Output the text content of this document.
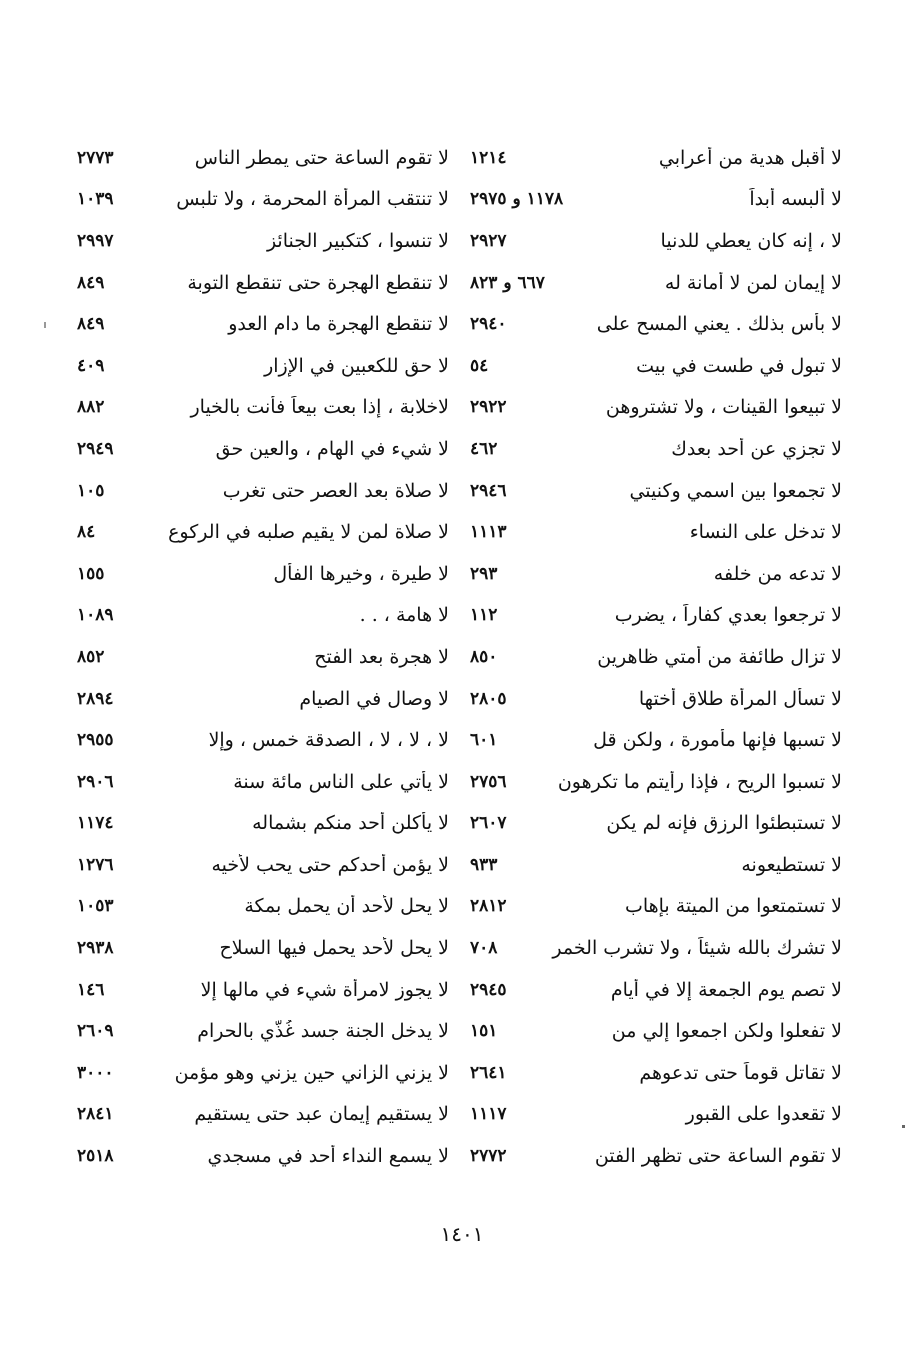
لا أقبل هدية من أعرابي
١٢١٤
لا ألبسه أبداً
١١٧٨ و ٢٩٧٥
لا ، إنه كان يعطي للدنيا
٢٩٢٧
لا إيمان لمن لا أمانة له
٦٦٧ و ٨٢٣
لا بأس بذلك . يعني المسح على
٢٩٤٠
لا تبول في طست في بيت
٥٤
لا تبيعوا القينات ، ولا تشتروهن
٢٩٢٢
لا تجزي عن أحد بعدك
٤٦٢
لا تجمعوا بين اسمي وكنيتي
٢٩٤٦
لا تدخل على النساء
١١١٣
لا تدعه من خلفه
٢٩٣
لا ترجعوا بعدي كفاراً ، يضرب
١١٢
لا تزال طائفة من أمتي ظاهرين
٨٥٠
لا تسأل المرأة طلاق أختها
٢٨٠٥
لا تسبها فإنها مأمورة ، ولكن قل
٦٠١
لا تسبوا الريح ، فإذا رأيتم ما تكرهون
٢٧٥٦
لا تستبطئوا الرزق فإنه لم يكن
٢٦٠٧
لا تستطيعونه
٩٣٣
لا تستمتعوا من الميتة بإهاب
٢٨١٢
لا تشرك بالله شيئاً ، ولا تشرب الخمر
٧٠٨
لا تصم يوم الجمعة إلا في أيام
٢٩٤٥
لا تفعلوا ولكن اجمعوا إلي من
١٥١
لا تقاتل قوماً حتى تدعوهم
٢٦٤١
لا تقعدوا على القبور
١١١٧
لا تقوم الساعة حتى تظهر الفتن
٢٧٧٢
لا تقوم الساعة حتى يمطر الناس
٢٧٧٣
لا تنتقب المرأة المحرمة ، ولا تلبس
١٠٣٩
لا تنسوا ، كتكبير الجنائز
٢٩٩٧
لا تنقطع الهجرة حتى تنقطع التوبة
٨٤٩
لا تنقطع الهجرة ما دام العدو
٨٤٩
لا حق للكعبين في الإزار
٤٠٩
لاخلابة ، إذا بعت بيعاً فأنت بالخيار
٨٨٢
لا شيء في الهام ، والعين حق
٢٩٤٩
لا صلاة بعد العصر حتى تغرب
١٠٥
لا صلاة لمن لا يقيم صلبه في الركوع
٨٤
لا طيرة ، وخيرها الفأل
١٥٥
لا هامة ، . .
١٠٨٩
لا هجرة بعد الفتح
٨٥٢
لا وصال في الصيام
٢٨٩٤
لا ، لا ، لا ، الصدقة خمس ، وإلا
٢٩٥٥
لا يأتي على الناس مائة سنة
٢٩٠٦
لا يأكلن أحد منكم بشماله
١١٧٤
لا يؤمن أحدكم حتى يحب لأخيه
١٢٧٦
لا يحل لأحد أن يحمل بمكة
١٠٥٣
لا يحل لأحد يحمل فيها السلاح
٢٩٣٨
لا يجوز لامرأة شيء في مالها إلا
١٤٦
لا يدخل الجنة جسد غُذّي بالحرام
٢٦٠٩
لا يزني الزاني حين يزني وهو مؤمن
٣٠٠٠
لا يستقيم إيمان عبد حتى يستقيم
٢٨٤١
لا يسمع النداء أحد في مسجدي
٢٥١٨
١٤٠١
